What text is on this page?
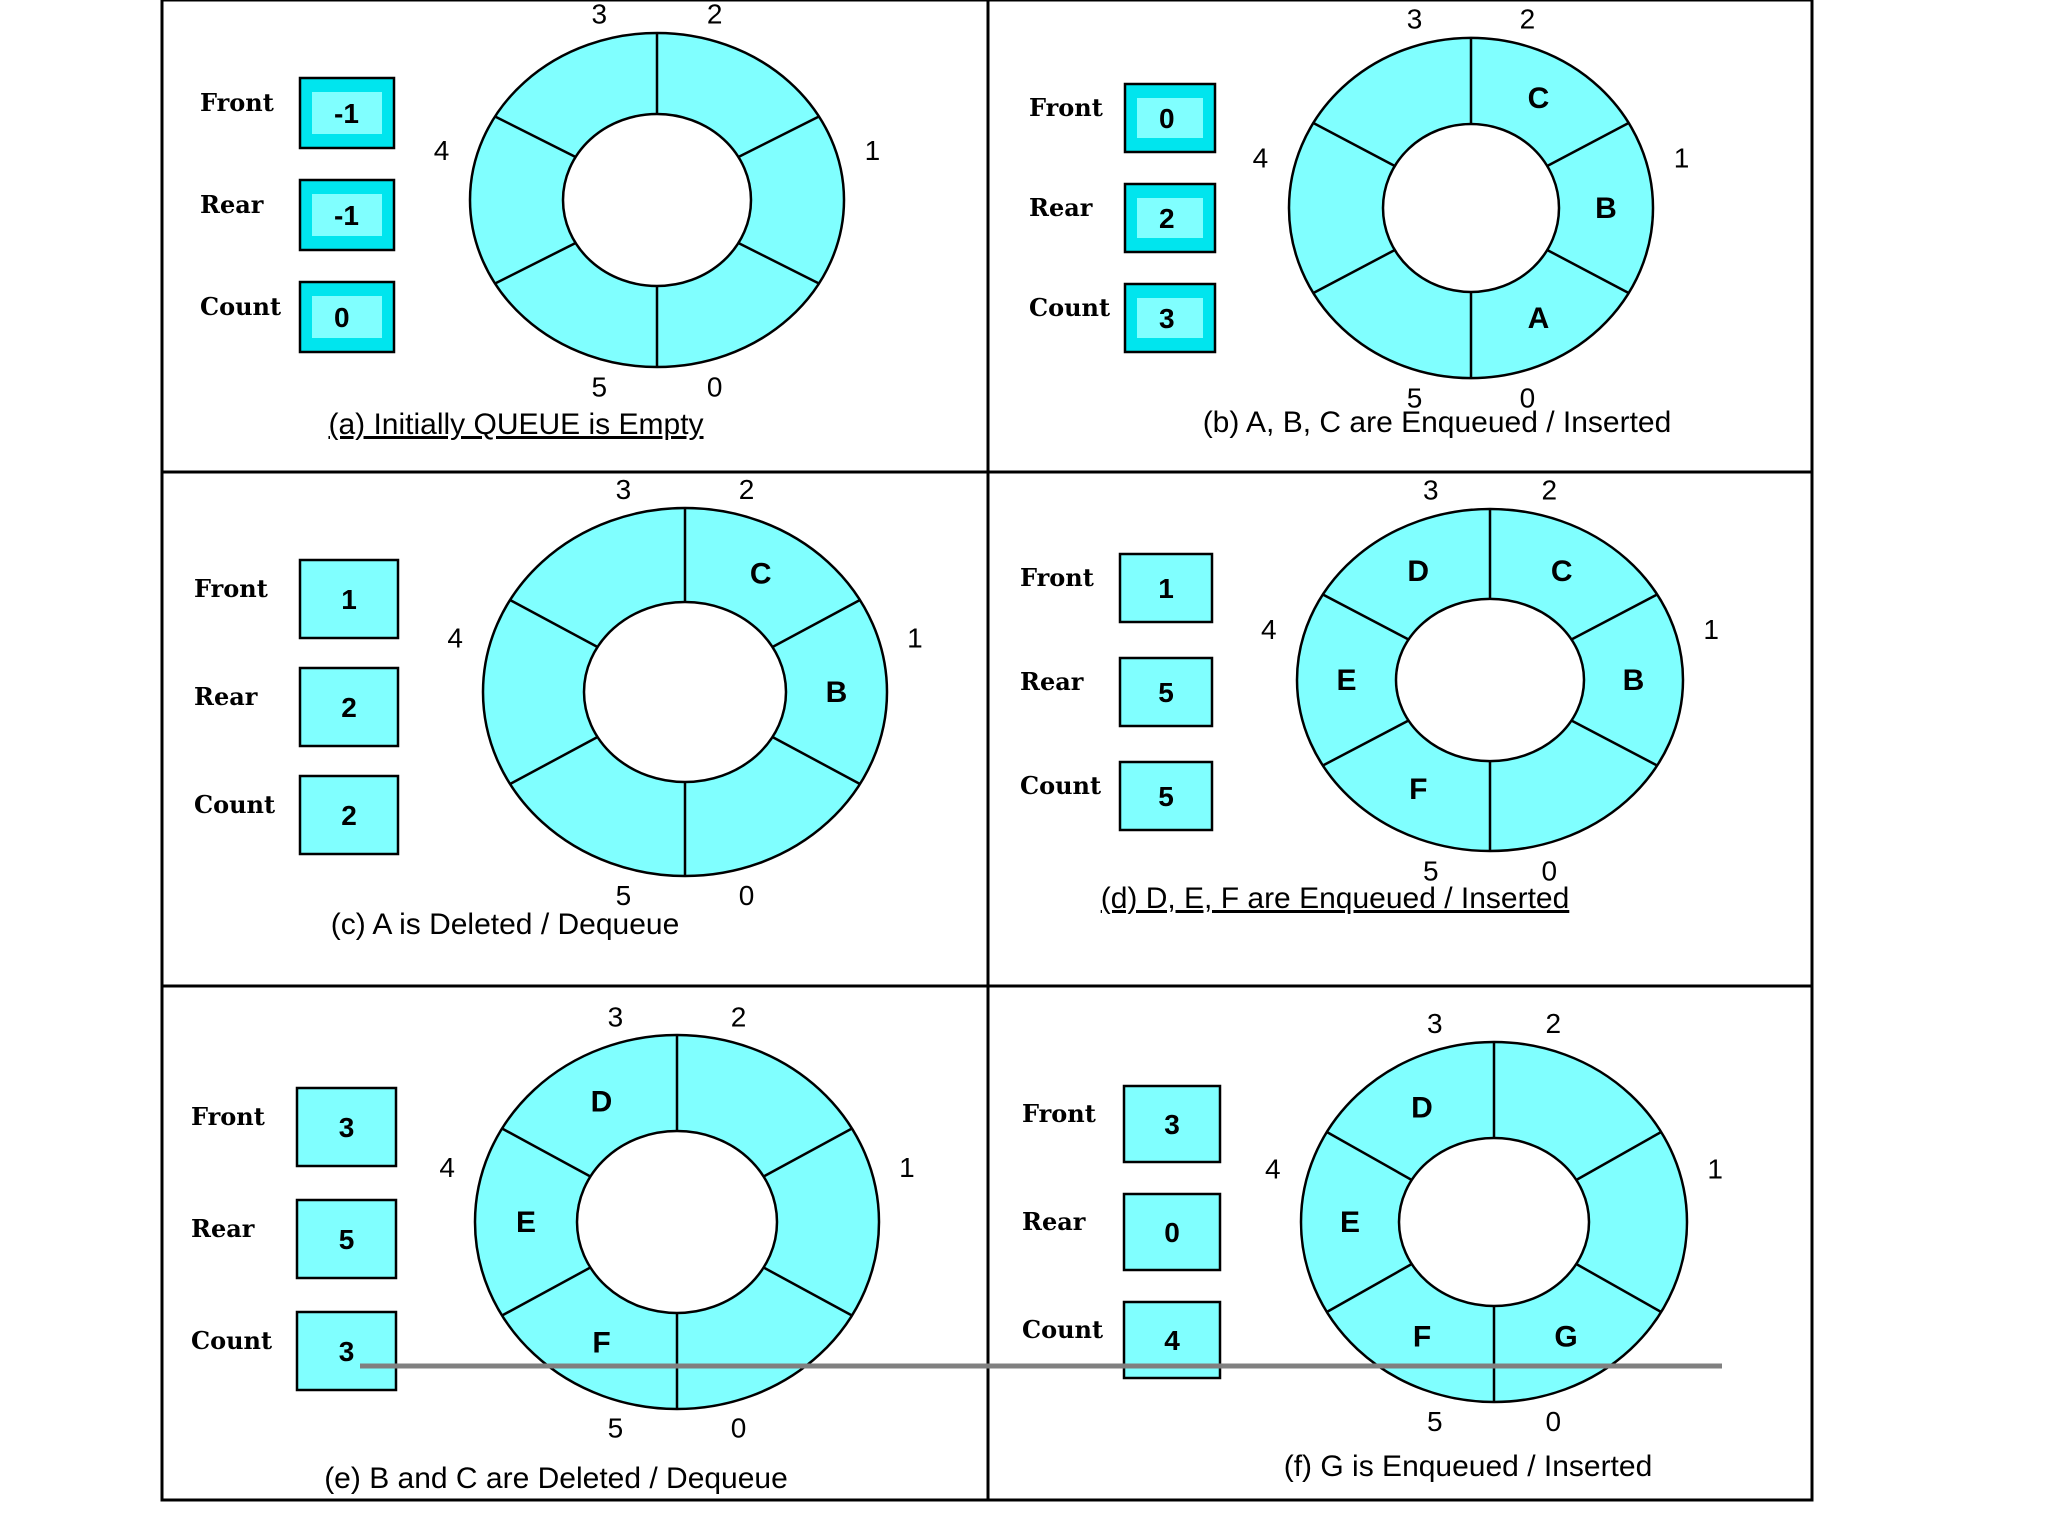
0
1
2
3
4
5
Front -1
Rear	-1
Count 0
(a) Initially QUEUE is Empty
A
B
C
0
1
2
3
4
5
Front 0
Rear 2
Count 3
(b) A, B, C are Enqueued / Inserted
B
C
0
1
2
3
4
5
Front	1
Rear	2
Count 2
(c) A is Deleted / Dequeue
B
C
D
E
F
0
1
2
3
4
5
Front 1
Rear	5
Count 5
(d) D, E, F are Enqueued / Inserted
D
E
F
0
1
2
3
4
5
Front	3
Rear	5
Count 3
(e) B and C are Deleted / Dequeue
G
D
E
F
0
1
2
3
4
5
Front 3
Rear	0
Count 4
(f) G is Enqueued / Inserted
